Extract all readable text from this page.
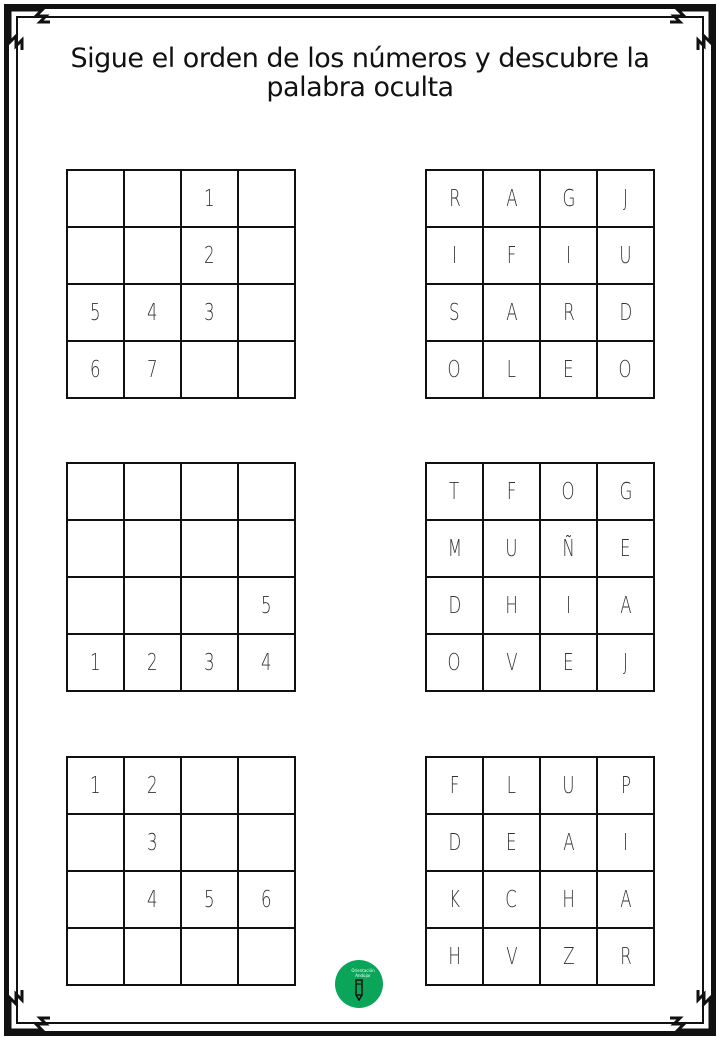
Sigue el orden de los números y descubre la palabra oculta
1
2
5 4 3
6 7
R A G J
I F I U
S A R D
O L E O
5
1 2 3 4
T F O G
M U Ñ E
D H I A
O V E J
1 2
3
4 5 6
F L U P
D E A I
K C H A
H V Z R
Orientación Andújar
